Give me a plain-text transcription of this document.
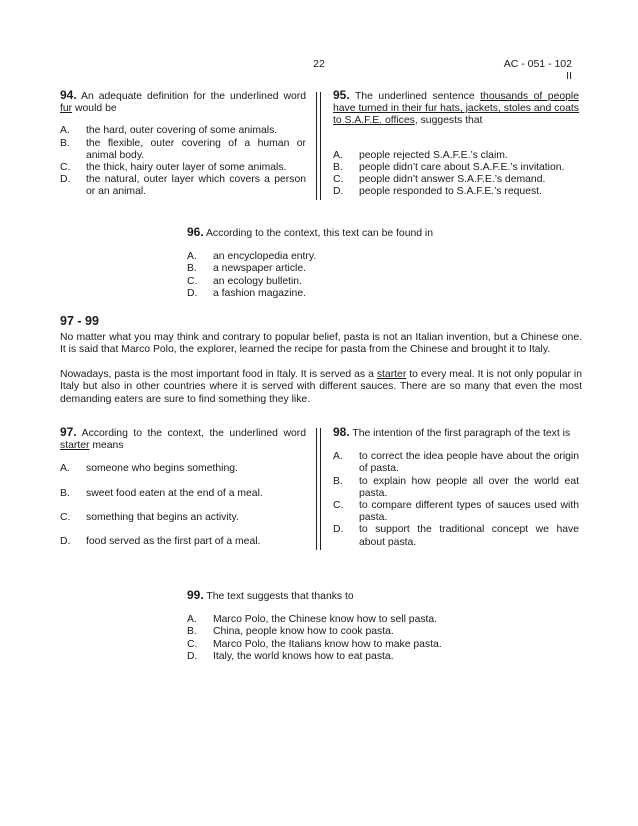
22	AC - 051 - 102
II

94. An adequate definition for the underlined word fur would be

A.	the hard, outer covering of some animals.
B.	the flexible, outer covering of a human or animal body.
C.	the thick, hairy outer layer of some animals.
D.	the natural, outer layer which covers a person or an animal.

95. The underlined sentence thousands of people have turned in their fur hats, jackets, stoles and coats to S.A.F.E. offices, suggests that

A.	people rejected S.A.F.E.’s claim.
B.	people didn’t care about S.A.F.E.’s invitation.
C.	people didn’t answer S.A.F.E.’s demand.
D.	people responded to S.A.F.E.’s request.

96. According to the context, this text can be found in

A.	an encyclopedia entry.
B.	a newspaper article.
C.	an ecology bulletin.
D.	a fashion magazine.
97 - 99

No matter what you may think and contrary to popular belief, pasta is not an Italian invention, but a Chinese one. It is said that Marco Polo, the explorer, learned the recipe for pasta from the Chinese and brought it to Italy.

Nowadays, pasta is the most important food in Italy. It is served as a starter to every meal. It is not only popular in Italy but also in other countries where it is served with different sauces. There are so many that even the most demanding eaters are sure to find something they like.

97. According to the context, the underlined word starter means

A.	someone who begins something.
B.	sweet food eaten at the end of a meal.
C.	something that begins an activity.
D.	food served as the first part of a meal.

98. The intention of the first paragraph of the text is

A.	to correct the idea people have about the origin of pasta.
B.	to explain how people all over the world eat pasta.
C.	to compare different types of sauces used with pasta.
D.	to support the traditional concept we have about pasta.

99. The text suggests that thanks to

A.	Marco Polo, the Chinese know how to sell pasta.
B.	China, people know how to cook pasta.
C.	Marco Polo, the Italians know how to make pasta.
D.	Italy, the world knows how to eat pasta.
